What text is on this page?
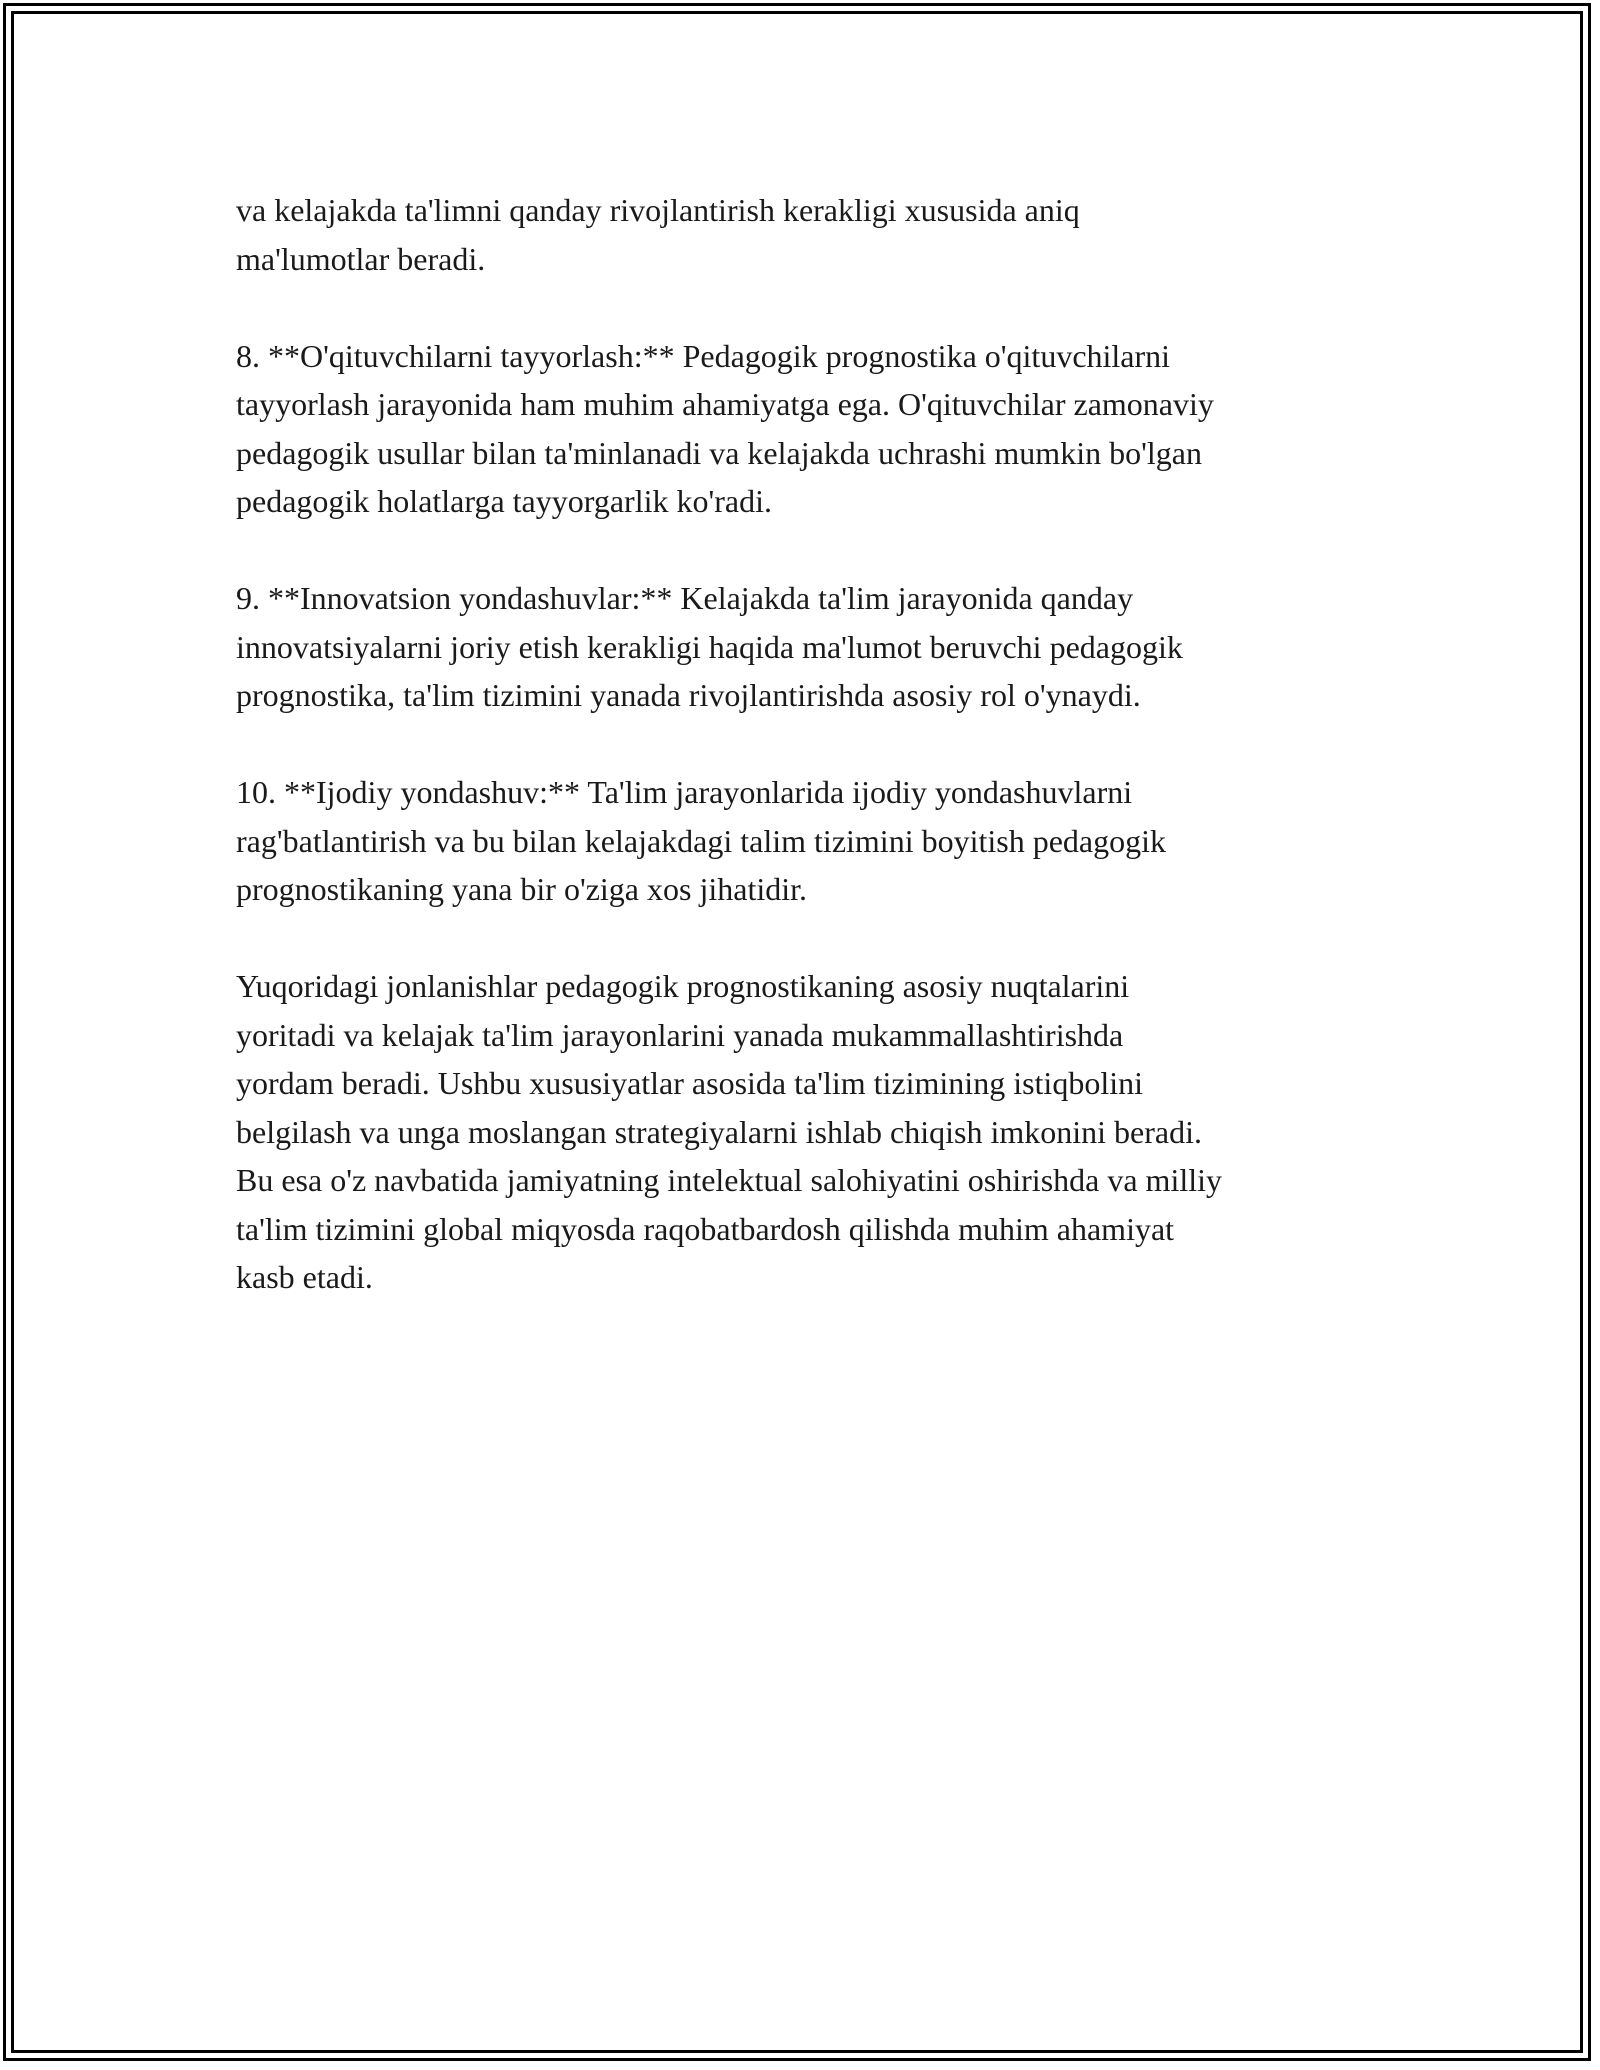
va kelajakda ta'limni qanday rivojlantirish kerakligi xususida aniq
ma'lumotlar beradi.

8. **O'qituvchilarni tayyorlash:** Pedagogik prognostika o'qituvchilarni
tayyorlash jarayonida ham muhim ahamiyatga ega. O'qituvchilar zamonaviy
pedagogik usullar bilan ta'minlanadi va kelajakda uchrashi mumkin bo'lgan
pedagogik holatlarga tayyorgarlik ko'radi.

9. **Innovatsion yondashuvlar:** Kelajakda ta'lim jarayonida qanday
innovatsiyalarni joriy etish kerakligi haqida ma'lumot beruvchi pedagogik
prognostika, ta'lim tizimini yanada rivojlantirishda asosiy rol o'ynaydi.

10. **Ijodiy yondashuv:** Ta'lim jarayonlarida ijodiy yondashuvlarni
rag'batlantirish va bu bilan kelajakdagi talim tizimini boyitish pedagogik
prognostikaning yana bir o'ziga xos jihatidir.

Yuqoridagi jonlanishlar pedagogik prognostikaning asosiy nuqtalarini
yoritadi va kelajak ta'lim jarayonlarini yanada mukammallashtirishda
yordam beradi. Ushbu xususiyatlar asosida ta'lim tizimining istiqbolini
belgilash va unga moslangan strategiyalarni ishlab chiqish imkonini beradi.
Bu esa o'z navbatida jamiyatning intelektual salohiyatini oshirishda va milliy
ta'lim tizimini global miqyosda raqobatbardosh qilishda muhim ahamiyat
kasb etadi.
